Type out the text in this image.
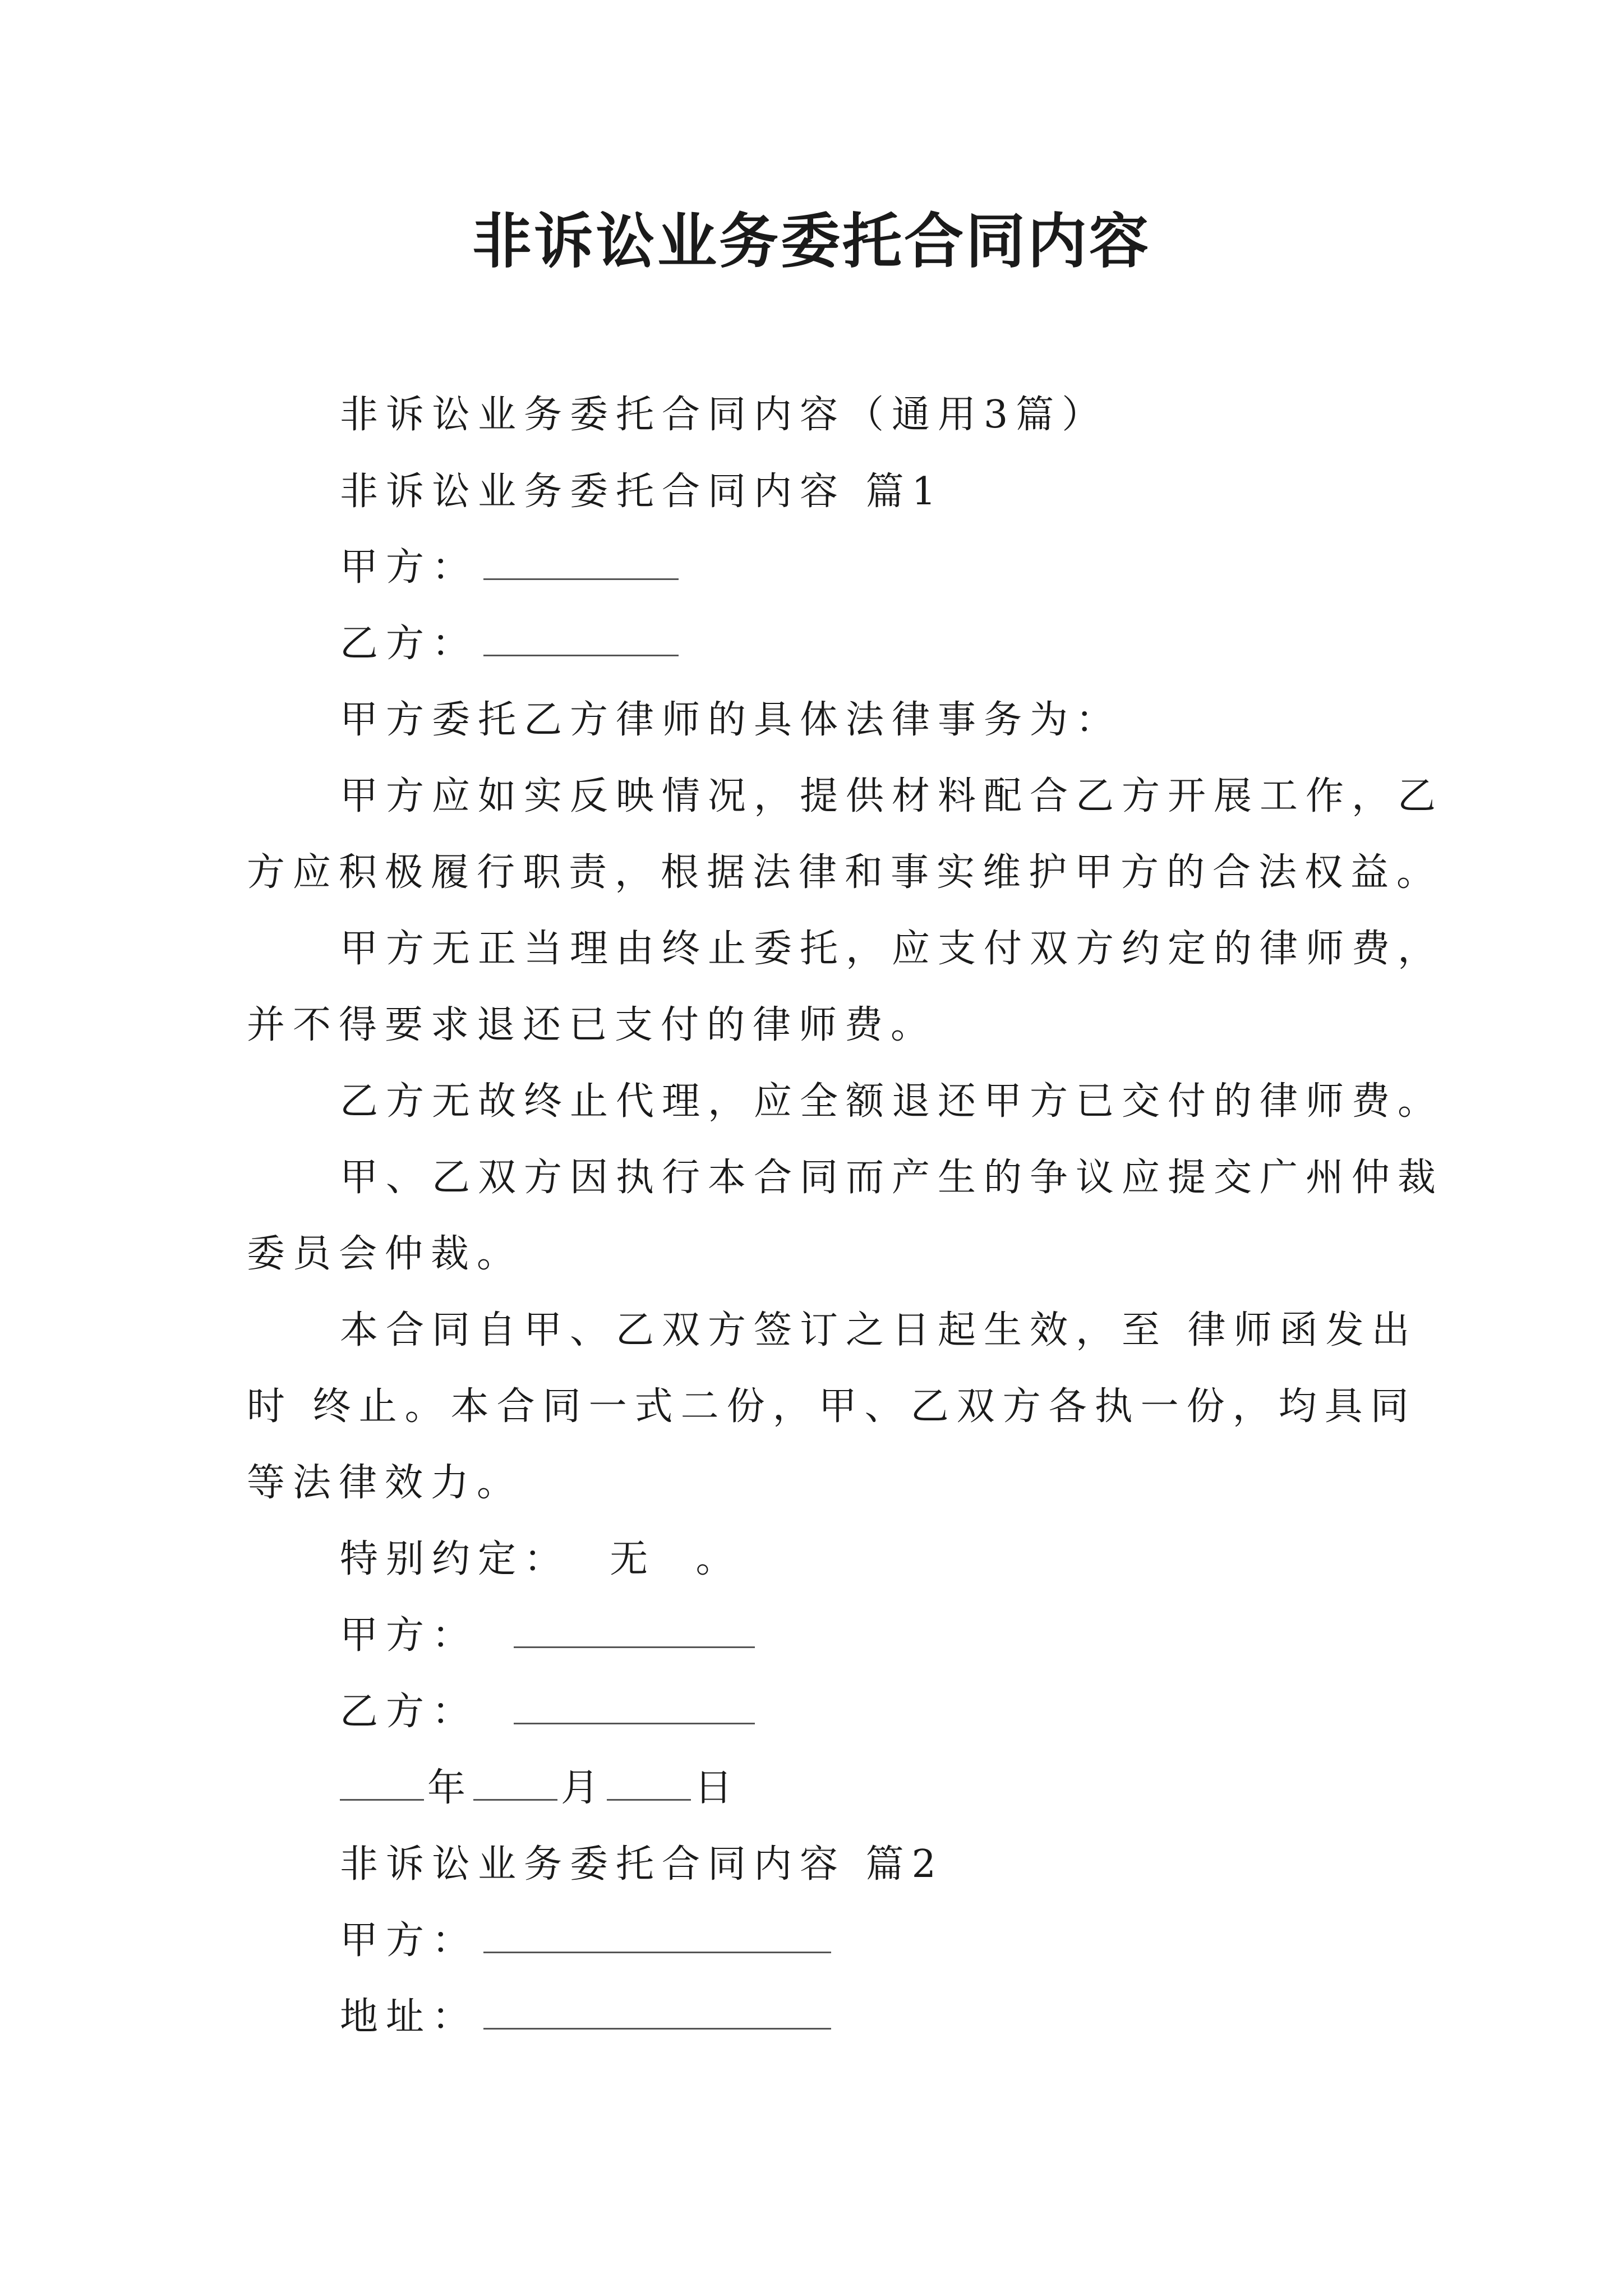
非诉讼业务委托合同内容
非诉讼业务委托合同内容（通用3篇）
非诉讼业务委托合同内容 篇1
甲方：
乙方：
甲方委托乙方律师的具体法律事务为：
甲方应如实反映情况，提供材料配合乙方开展工作，乙
方应积极履行职责，根据法律和事实维护甲方的合法权益。
甲方无正当理由终止委托，应支付双方约定的律师费，
并不得要求退还已支付的律师费。
乙方无故终止代理，应全额退还甲方已交付的律师费。
甲、乙双方因执行本合同而产生的争议应提交广州仲裁
委员会仲裁。
本合同自甲、乙双方签订之日起生效，至 律师函发出
时 终止。本合同一式二份，甲、乙双方各执一份，均具同
等法律效力。
特别约定：  无  。
甲方：
乙方：
年 月 日
非诉讼业务委托合同内容 篇2
甲方：
地址：
